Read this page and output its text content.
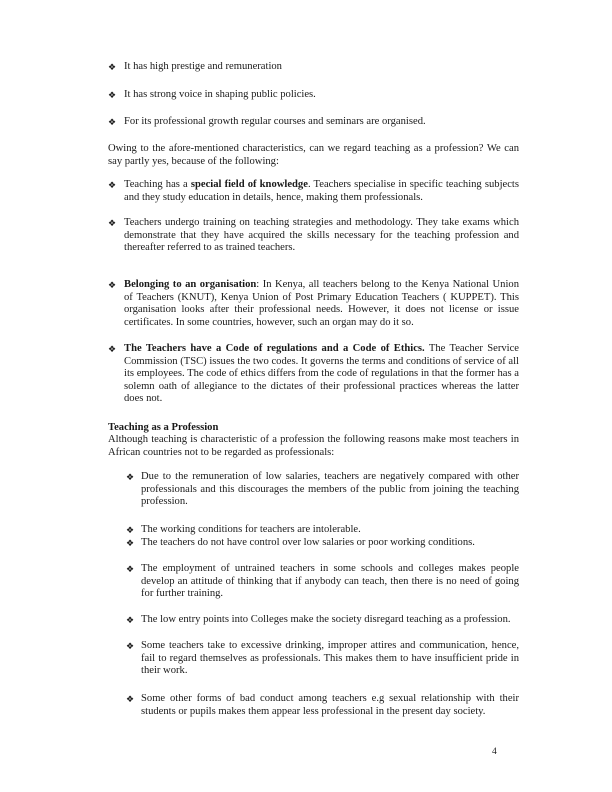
❖ It has high prestige and remuneration
❖ It has strong voice in shaping public policies.
❖ For its professional growth regular courses and seminars are organised.
Owing to the afore-mentioned characteristics, can we regard teaching as a profession? We can say partly yes, because of the following:
❖ Teaching has a special field of knowledge. Teachers specialise in specific teaching subjects and they study education in details, hence, making them professionals.
❖ Teachers undergo training on teaching strategies and methodology. They take exams which demonstrate that they have acquired the skills necessary for the teaching profession and thereafter referred to as trained teachers.
❖ Belonging to an organisation: In Kenya, all teachers belong to the Kenya National Union of Teachers (KNUT), Kenya Union of Post Primary Education Teachers ( KUPPET). This organisation looks after their professional needs. However, it does not license or issue certificates. In some countries, however, such an organ may do it so.
❖ The Teachers have a Code of regulations and a Code of Ethics. The Teacher Service Commission (TSC) issues the two codes. It governs the terms and conditions of service of all its employees. The code of ethics differs from the code of regulations in that the former has a solemn oath of allegiance to the dictates of their professional practices whereas the latter does not.
Teaching as a Profession
Although teaching is characteristic of a profession the following reasons make most teachers in African countries not to be regarded as professionals:
❖ Due to the remuneration of low salaries, teachers are negatively compared with other professionals and this discourages the members of the public from joining the teaching profession.
❖ The working conditions for teachers are intolerable.
❖ The teachers do not have control over low salaries or poor working conditions.
❖ The employment of untrained teachers in some schools and colleges makes people develop an attitude of thinking that if anybody can teach, then there is no need of going for further training.
❖ The low entry points into Colleges make the society disregard teaching as a profession.
❖ Some teachers take to excessive drinking, improper attires and communication, hence, fail to regard themselves as professionals. This makes them to have insufficient pride in their work.
❖ Some other forms of bad conduct among teachers e.g sexual relationship with their students or pupils makes them appear less professional in the present day society.
4
